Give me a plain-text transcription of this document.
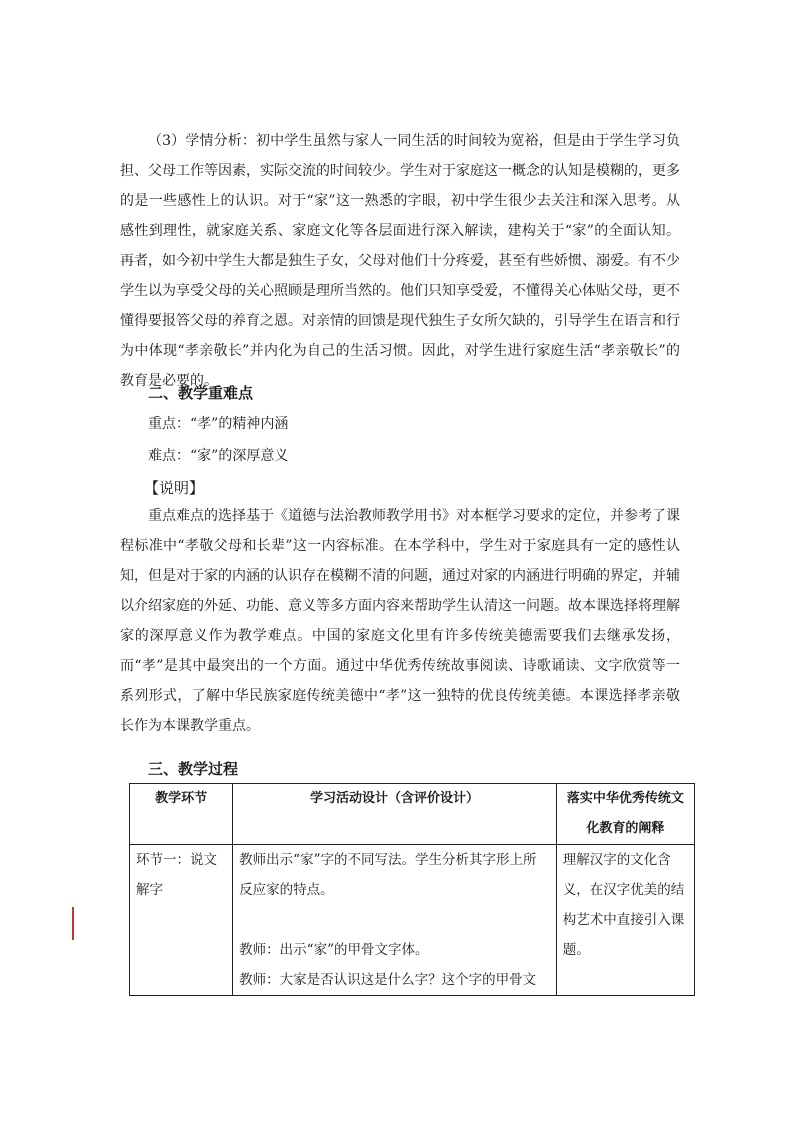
（3）学情分析：初中学生虽然与家人一同生活的时间较为宽裕，但是由于学生学习负担、父母工作等因素，实际交流的时间较少。学生对于家庭这一概念的认知是模糊的，更多的是一些感性上的认识。对于“家”这一熟悉的字眼，初中学生很少去关注和深入思考。从感性到理性，就家庭关系、家庭文化等各层面进行深入解读，建构关于“家”的全面认知。再者，如今初中学生大都是独生子女，父母对他们十分疼爱，甚至有些娇惯、溺爱。有不少学生以为享受父母的关心照顾是理所当然的。他们只知享受爱，不懂得关心体贴父母，更不懂得要报答父母的养育之恩。对亲情的回馈是现代独生子女所欠缺的，引导学生在语言和行为中体现“孝亲敬长”并内化为自己的生活习惯。因此，对学生进行家庭生活“孝亲敬长”的教育是必要的。

二、教学重难点

重点：“孝”的精神内涵

难点：“家”的深厚意义

【说明】

重点难点的选择基于《道德与法治教师教学用书》对本框学习要求的定位，并参考了课程标准中“孝敬父母和长辈”这一内容标准。在本学科中，学生对于家庭具有一定的感性认知，但是对于家的内涵的认识存在模糊不清的问题，通过对家的内涵进行明确的界定，并辅以介绍家庭的外延、功能、意义等多方面内容来帮助学生认清这一问题。故本课选择将理解家的深厚意义作为教学难点。中国的家庭文化里有许多传统美德需要我们去继承发扬，而“孝”是其中最突出的一个方面。通过中华优秀传统故事阅读、诗歌诵读、文字欣赏等一系列形式，了解中华民族家庭传统美德中“孝”这一独特的优良传统美德。本课选择孝亲敬长作为本课教学重点。

三、教学过程
教学环节	学习活动设计（含评价设计）	落实中华优秀传统文化教育的阐释

环节一：说文解字	教师出示“家”字的不同写法。学生分析其字形上所反应家的特点。

教师：出示“家”的甲骨文字体。

教师：大家是否认识这是什么字？这个字的甲骨文	理解汉字的文化含义，在汉字优美的结构艺术中直接引入课题。
